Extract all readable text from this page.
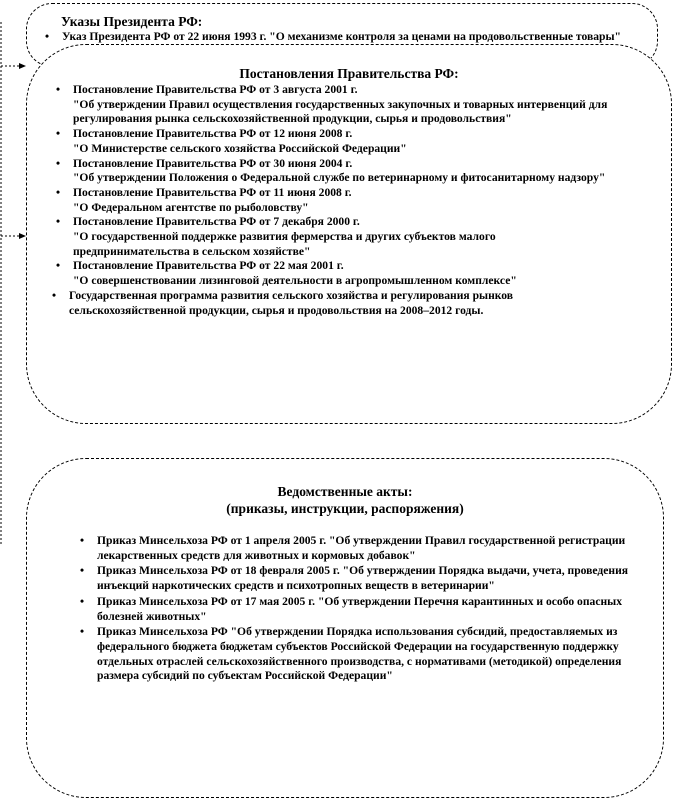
Указы Президента РФ:
• Указ Президента РФ от 22 июня 1993 г. "О механизме контроля за ценами на продовольственные товары"
Постановления Правительства РФ:
• Постановление Правительства РФ от 3 августа 2001 г.
"Об утверждении Правил осуществления государственных закупочных и товарных интервенций для регулирования рынка сельскохозяйственной продукции, сырья и продовольствия"
• Постановление Правительства РФ от 12 июня 2008 г.
"О Министерстве сельского хозяйства Российской Федерации"
• Постановление Правительства РФ от 30 июня 2004 г.
"Об утверждении Положения о Федеральной службе по ветеринарному и фитосанитарному надзору"
• Постановление Правительства РФ от 11 июня 2008 г.
"О Федеральном агентстве по рыболовству"
• Постановление Правительства РФ от 7 декабря 2000 г.
"О государственной поддержке развития фермерства и других субъектов малого предпринимательства в сельском хозяйстве"
• Постановление Правительства РФ от 22 мая 2001 г.
"О совершенствовании лизинговой деятельности в агропромышленном комплексе"
• Государственная программа развития сельского хозяйства и регулирования рынков сельскохозяйственной продукции, сырья и продовольствия на 2008–2012 годы.
Ведомственные акты:
(приказы, инструкции, распоряжения)
• Приказ Минсельхоза РФ от 1 апреля 2005 г. "Об утверждении Правил государственной регистрации лекарственных средств для животных и кормовых добавок"
• Приказ Минсельхоза РФ от 18 февраля 2005 г. "Об утверждении Порядка выдачи, учета, проведения инъекций наркотических средств и психотропных веществ в ветеринарии"
• Приказ Минсельхоза РФ от 17 мая 2005 г. "Об утверждении Перечня карантинных и особо опасных болезней животных"
• Приказ Минсельхоза РФ "Об утверждении Порядка использования субсидий, предоставляемых из федерального бюджета бюджетам субъектов Российской Федерации на государственную поддержку отдельных отраслей сельскохозяйственного производства, с нормативами (методикой) определения размера субсидий по субъектам Российской Федерации"
